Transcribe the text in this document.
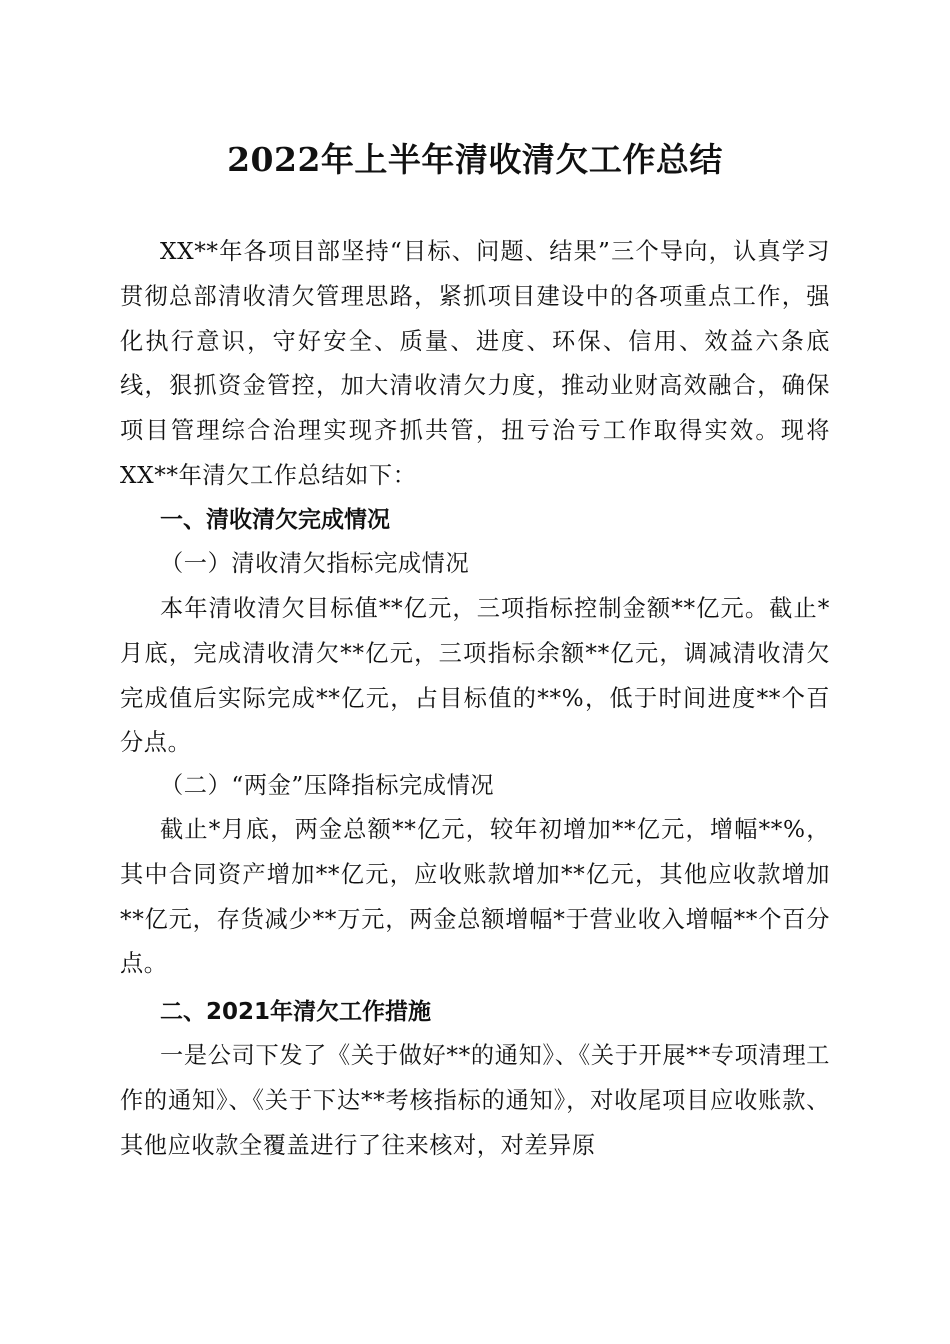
2022年上半年清收清欠工作总结

XX**年各项目部坚持“目标、问题、结果”三个导向，认真学习贯彻总部清收清欠管理思路，紧抓项目建设中的各项重点工作，强化执行意识，守好安全、质量、进度、环保、信用、效益六条底线，狠抓资金管控，加大清收清欠力度，推动业财高效融合，确保项目管理综合治理实现齐抓共管，扭亏治亏工作取得实效。现将XX**年清欠工作总结如下：

一、清收清欠完成情况

（一）清收清欠指标完成情况

本年清收清欠目标值**亿元，三项指标控制金额**亿元。截止*月底，完成清收清欠**亿元，三项指标余额**亿元，调减清收清欠完成值后实际完成**亿元，占目标值的**%，低于时间进度**个百分点。

（二）“两金”压降指标完成情况

截止*月底，两金总额**亿元，较年初增加**亿元，增幅**%，其中合同资产增加**亿元，应收账款增加**亿元，其他应收款增加**亿元，存货减少**万元，两金总额增幅*于营业收入增幅**个百分点。

二、2021年清欠工作措施

一是公司下发了《关于做好**的通知》、《关于开展**专项清理工作的通知》、《关于下达**考核指标的通知》，对收尾项目应收账款、其他应收款全覆盖进行了往来核对，对差异原
